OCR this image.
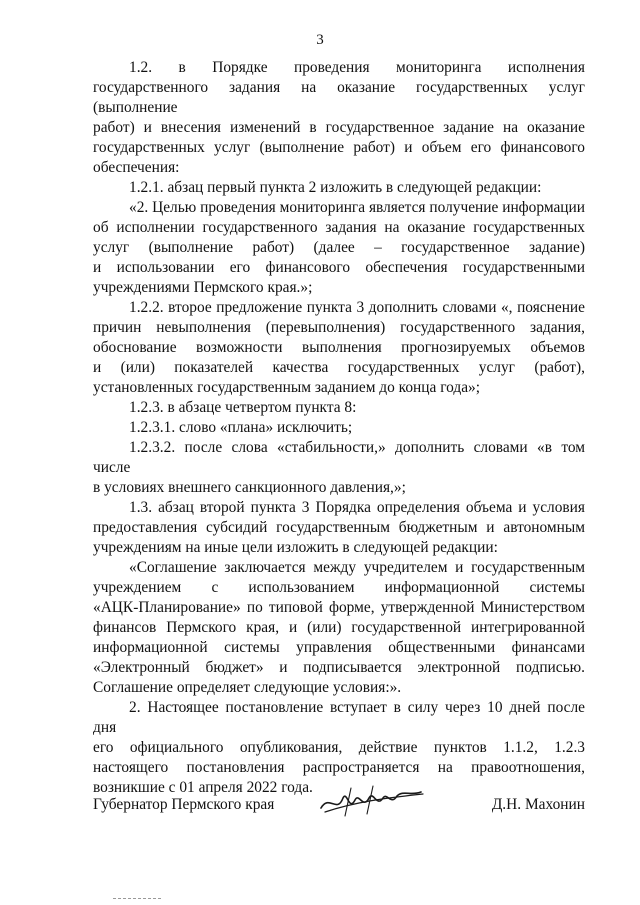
3

1.2. в Порядке проведения мониторинга исполнения

государственного задания на оказание государственных услуг (выполнение

работ) и внесения изменений в государственное задание на оказание

государственных услуг (выполнение работ) и объем его финансового

обеспечения:

1.2.1. абзац первый пункта 2 изложить в следующей редакции:

«2. Целью проведения мониторинга является получение информации

об исполнении государственного задания на оказание государственных

услуг (выполнение работ) (далее – государственное задание)

и использовании его финансового обеспечения государственными

учреждениями Пермского края.»;

1.2.2. второе предложение пункта 3 дополнить словами «, пояснение

причин невыполнения (перевыполнения) государственного задания,

обоснование возможности выполнения прогнозируемых объемов

и (или) показателей качества государственных услуг (работ),

установленных государственным заданием до конца года»;

1.2.3. в абзаце четвертом пункта 8:

1.2.3.1. слово «плана» исключить;

1.2.3.2. после слова «стабильности,» дополнить словами «в том числе

в условиях внешнего санкционного давления,»;

1.3. абзац второй пункта 3 Порядка определения объема и условия

предоставления субсидий государственным бюджетным и автономным

учреждениям на иные цели изложить в следующей редакции:

«Соглашение заключается между учредителем и государственным

учреждением с использованием информационной системы

«АЦК-Планирование» по типовой форме, утвержденной Министерством

финансов Пермского края, и (или) государственной интегрированной

информационной системы управления общественными финансами

«Электронный бюджет» и подписывается электронной подписью.

Соглашение определяет следующие условия:».

2. Настоящее постановление вступает в силу через 10 дней после дня

его официального опубликования, действие пунктов 1.1.2, 1.2.3

настоящего постановления распространяется на правоотношения,

возникшие с 01 апреля 2022 года.

Губернатор Пермского края	Д.Н. Махонин
